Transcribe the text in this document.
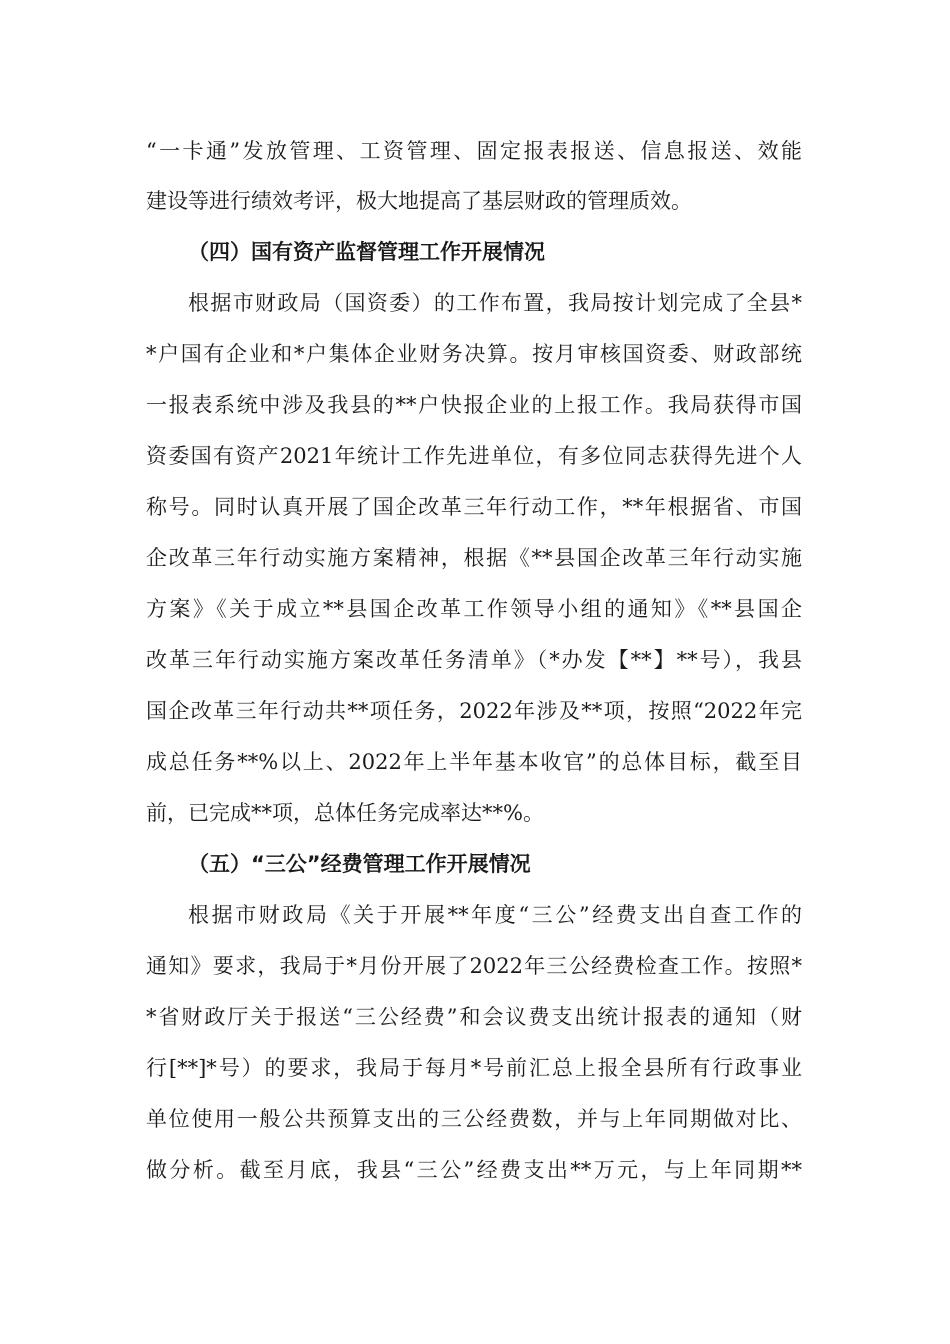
“一卡通”发放管理、工资管理、固定报表报送、信息报送、效能
建设等进行绩效考评，极大地提高了基层财政的管理质效。
（四）国有资产监督管理工作开展情况
根据市财政局（国资委）的工作布置，我局按计划完成了全县*
*户国有企业和*户集体企业财务决算。按月审核国资委、财政部统
一报表系统中涉及我县的**户快报企业的上报工作。我局获得市国
资委国有资产2021年统计工作先进单位，有多位同志获得先进个人
称号。同时认真开展了国企改革三年行动工作，**年根据省、市国
企改革三年行动实施方案精神，根据《**县国企改革三年行动实施
方案》《关于成立**县国企改革工作领导小组的通知》《**县国企
改革三年行动实施方案改革任务清单》（*办发【**】**号），我县
国企改革三年行动共**项任务，2022年涉及**项，按照“2022年完
成总任务**%以上、2022年上半年基本收官”的总体目标，截至目
前，已完成**项，总体任务完成率达**%。
（五）“三公”经费管理工作开展情况
根据市财政局《关于开展**年度“三公”经费支出自查工作的
通知》要求，我局于*月份开展了2022年三公经费检查工作。按照*
*省财政厅关于报送“三公经费”和会议费支出统计报表的通知（财
行[**]*号）的要求，我局于每月*号前汇总上报全县所有行政事业
单位使用一般公共预算支出的三公经费数，并与上年同期做对比、
做分析。截至月底，我县“三公”经费支出**万元，与上年同期**
